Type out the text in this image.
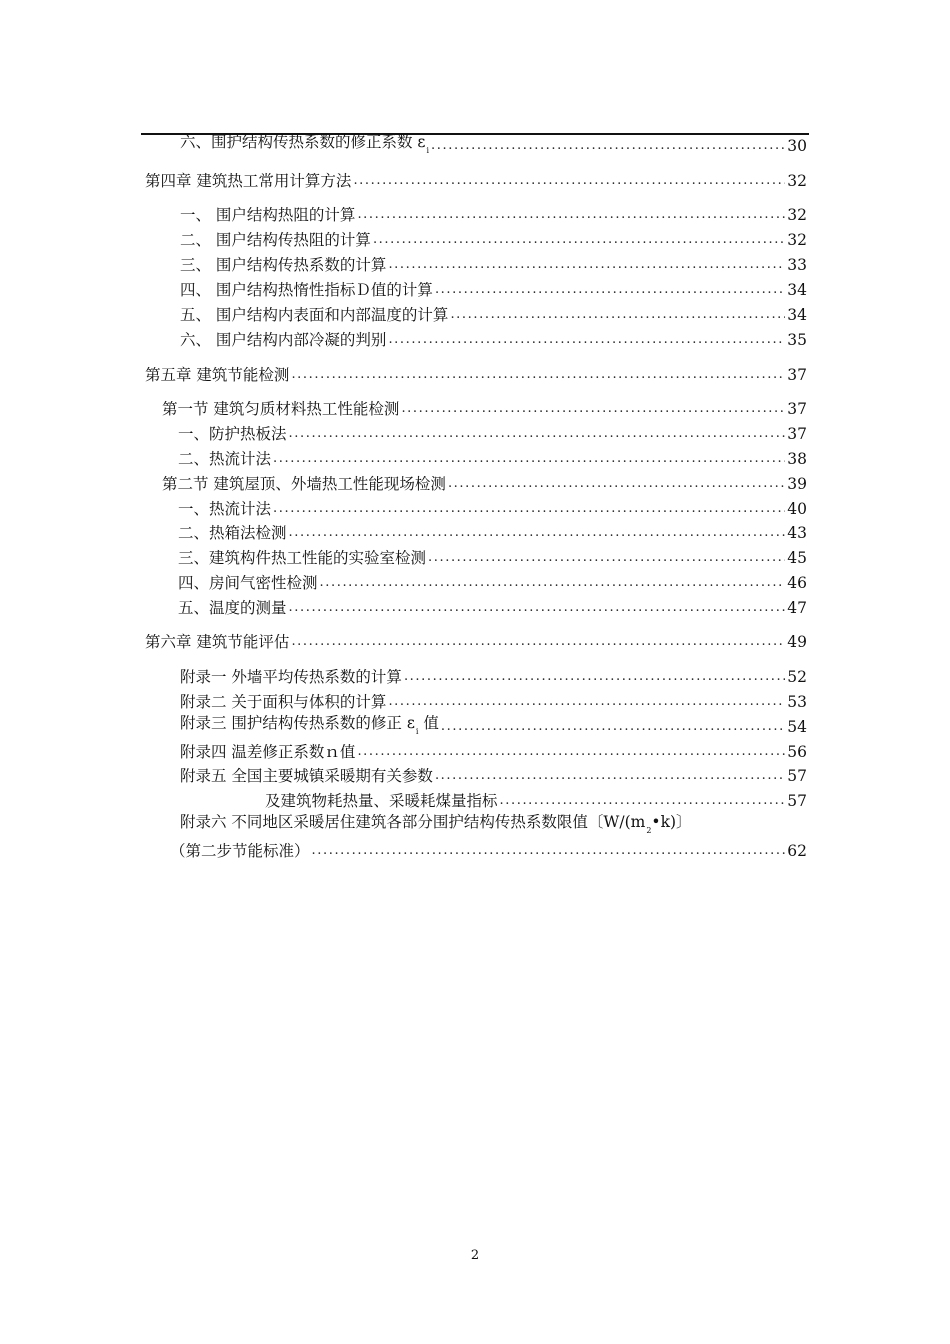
六、围护结构传热系数的修正系数 $\varepsilon_i$ .....	30
第四章 建筑热工常用计算方法 .....	32
一、 围户结构热阻的计算 .....	32
二、 围户结构传热阻的计算 .....	32
三、 围户结构传热系数的计算 .....	33
四、 围户结构热惰性指标Ｄ值的计算 .....	34
五、 围户结构内表面和内部温度的计算 .....	34
六、 围户结构内部冷凝的判别 .....	35
第五章 建筑节能检测 .....	37
第一节 建筑匀质材料热工性能检测 .....	37
一、防护热板法 .....	37
二、热流计法 .....	38
第二节 建筑屋顶、外墙热工性能现场检测 .....	39
一、热流计法 .....	40
二、热箱法检测 .....	43
三、建筑构件热工性能的实验室检测 .....	45
四、房间气密性检测 .....	46
五、温度的测量 .....	47
第六章 建筑节能评估 .....	49
附录一 外墙平均传热系数的计算 .....	52
附录二 关于面积与体积的计算 .....	53
附录三 围护结构传热系数的修正 $\varepsilon_i$ 值 .....	54
附录四 温差修正系数ｎ值 .....	56
附录五 全国主要城镇采暖期有关参数 .....	57
及建筑物耗热量、采暖耗煤量指标 .....	57
附录六 不同地区采暖居住建筑各部分围护结构传热系数限值〔$W/(m_2•k)$〕
（第二步节能标准） .....	62
2
